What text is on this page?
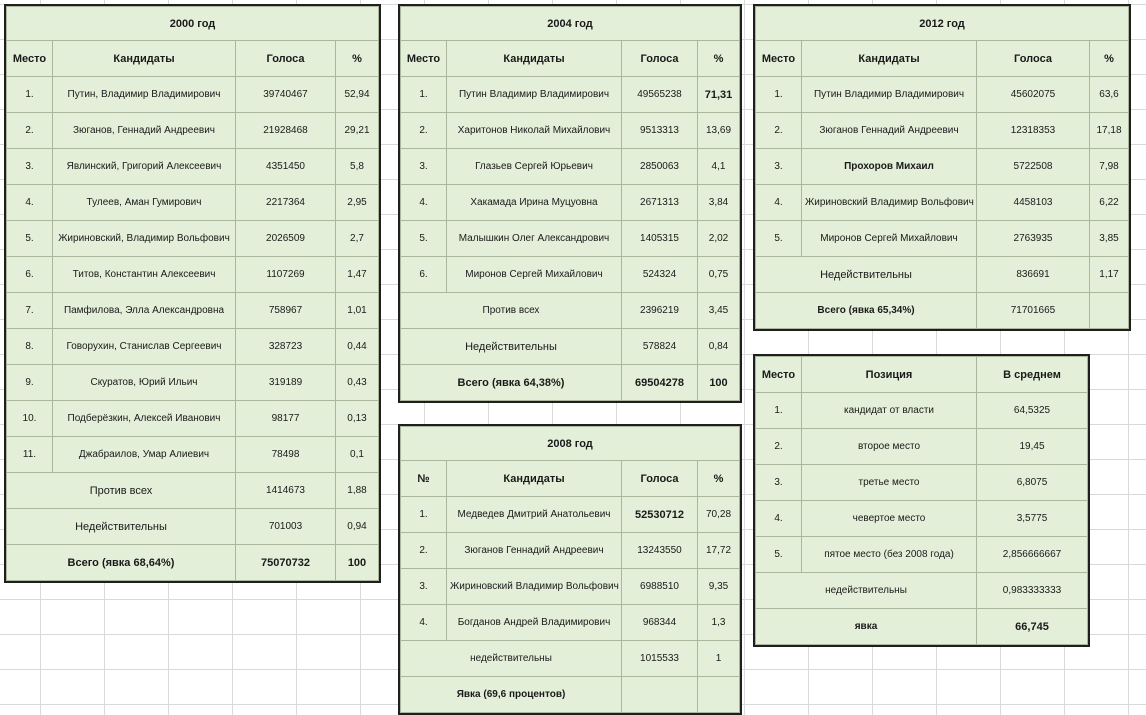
2000 год			
Место	Кандидаты	Голоса	%
1.	Путин, Владимир Владимирович	39740467	52,94
2.	Зюганов, Геннадий Андреевич	21928468	29,21
3.	Явлинский, Григорий Алексеевич	4351450	5,8
4.	Тулеев, Аман Гумирович	2217364	2,95
5.	Жириновский, Владимир Вольфович	2026509	2,7
6.	Титов, Константин Алексеевич	1107269	1,47
7.	Памфилова, Элла Александровна	758967	1,01
8.	Говорухин, Станислав Сергеевич	328723	0,44
9.	Скуратов, Юрий Ильич	319189	0,43
10.	Подберёзкин, Алексей Иванович	98177	0,13
11.	Джабраилов, Умар Алиевич	78498	0,1
Против всех		1414673	1,88
Недействительны		701003	0,94
Всего (явка 68,64%)		75070732	100
2004 год			
Место	Кандидаты	Голоса	%
1.	Путин Владимир Владимирович	49565238	71,31
2.	Харитонов Николай Михайлович	9513313	13,69
3.	Глазьев Сергей Юрьевич	2850063	4,1
4.	Хакамада Ирина Муцуовна	2671313	3,84
5.	Малышкин Олег Александрович	1405315	2,02
6.	Миронов Сергей Михайлович	524324	0,75
Против всех		2396219	3,45
Недействительны		578824	0,84
Всего (явка 64,38%)		69504278	100
2008 год			
№	Кандидаты	Голоса	%
1.	Медведев Дмитрий Анатольевич	52530712	70,28
2.	Зюганов Геннадий Андреевич	13243550	17,72
3.	Жириновский Владимир Вольфович	6988510	9,35
4.	Богданов Андрей Владимирович	968344	1,3
недействительны		1015533	1
Явка (69,6 процентов)			
2012 год			
Место	Кандидаты	Голоса	%
1.	Путин Владимир Владимирович	45602075	63,6
2.	Зюганов Геннадий Андреевич	12318353	17,18
3.	Прохоров Михаил	5722508	7,98
4.	Жириновский Владимир Вольфович	4458103	6,22
5.	Миронов Сергей Михайлович	2763935	3,85
Недействительны		836691	1,17
Всего (явка 65,34%)		71701665	
Место	Позиция	В среднем
1.	кандидат от власти	64,5325
2.	второе место	19,45
3.	третье место	6,8075
4.	чевертое место	3,5775
5.	пятое место (без 2008 года)	2,856666667
недействительны		0,983333333
явка		66,745
